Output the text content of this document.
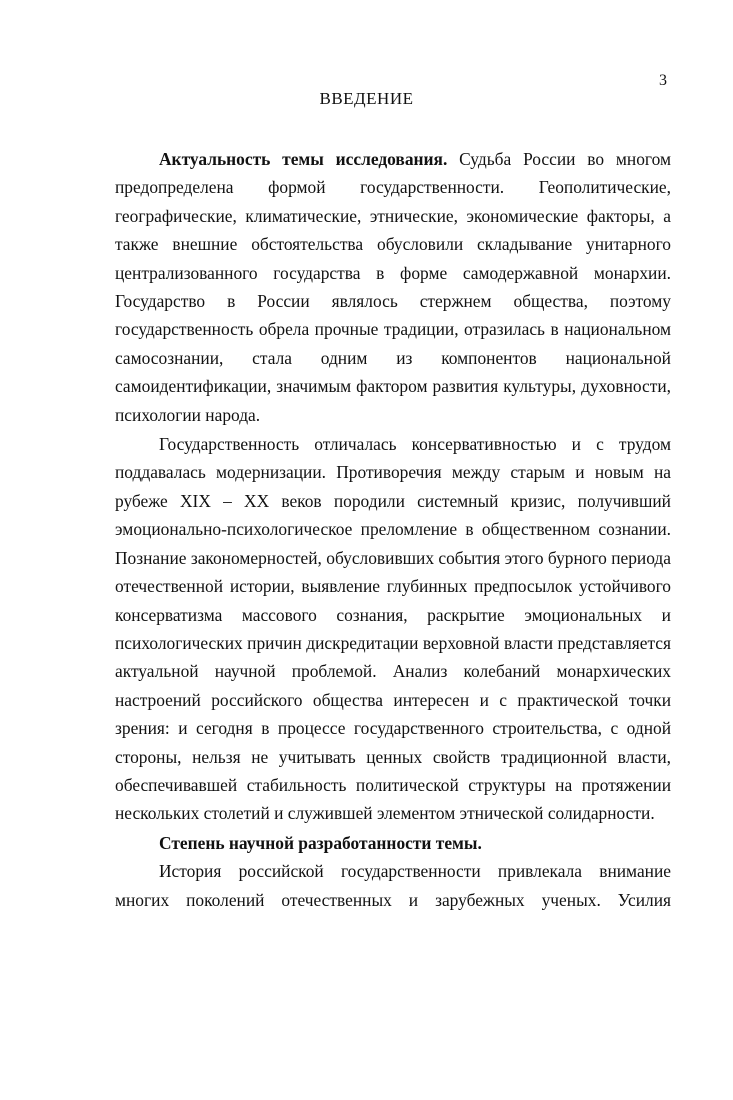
3
ВВЕДЕНИЕ
Актуальность темы исследования. Судьба России во многом
предопределена формой государственности. Геополитические,
географические, климатические, этнические, экономические факторы, а
также внешние обстоятельства обусловили складывание унитарного
централизованного государства в форме самодержавной монархии.
Государство в России являлось стержнем общества, поэтому
государственность обрела прочные традиции, отразилась в национальном
самосознании, стала одним из компонентов национальной
самоидентификации, значимым фактором развития культуры, духовности,
психологии народа.
Государственность отличалась консервативностью и с трудом
поддавалась модернизации. Противоречия между старым и новым на
рубеже XIX – XX веков породили системный кризис, получивший
эмоционально-психологическое преломление в общественном сознании.
Познание закономерностей, обусловивших события этого бурного периода
отечественной истории, выявление глубинных предпосылок устойчивого
консерватизма массового сознания, раскрытие эмоциональных и
психологических причин дискредитации верховной власти представляется
актуальной научной проблемой. Анализ колебаний монархических
настроений российского общества интересен и с практической точки
зрения: и сегодня в процессе государственного строительства, с одной
стороны, нельзя не учитывать ценных свойств традиционной власти,
обеспечивавшей стабильность политической структуры на протяжении
нескольких столетий и служившей элементом этнической солидарности.
Степень научной разработанности темы.
История российской государственности привлекала внимание
многих поколений отечественных и зарубежных ученых. Усилия
